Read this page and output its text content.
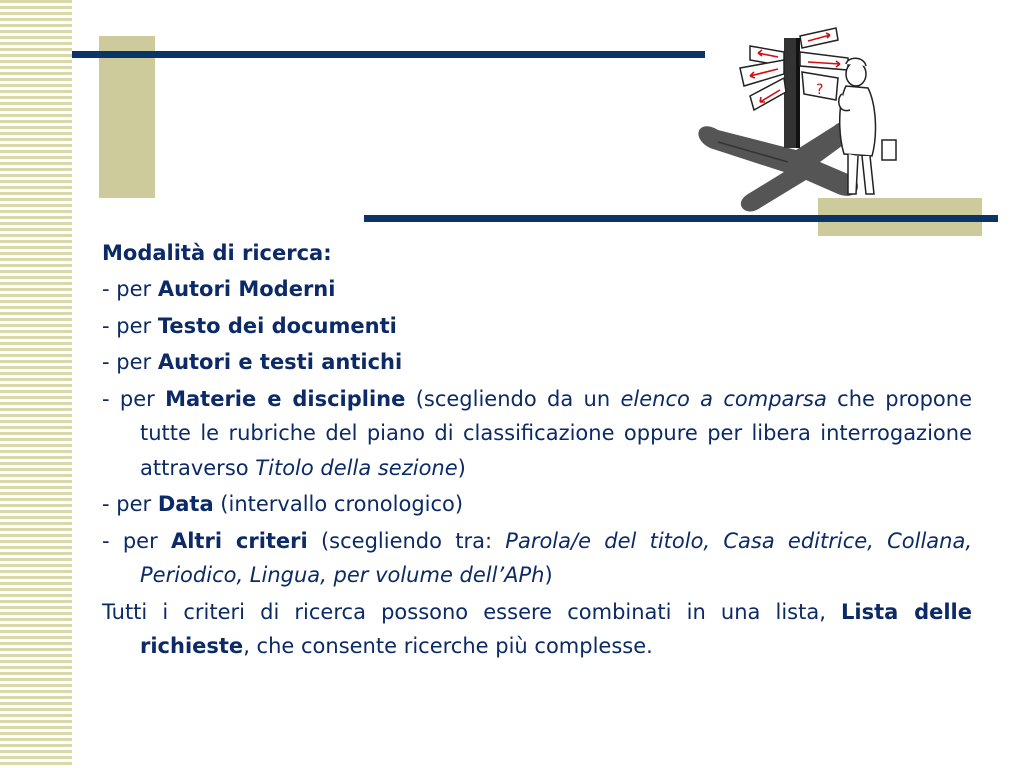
?

Modalità di ricerca:

- per Autori Moderni

- per Testo dei documenti

- per Autori e testi antichi

- per Materie e discipline (scegliendo da un elenco a comparsa che propone tutte le rubriche del piano di classificazione oppure per libera interrogazione attraverso Titolo della sezione)

- per Data (intervallo cronologico)

- per Altri criteri (scegliendo tra: Parola/e del titolo, Casa editrice, Collana, Periodico, Lingua, per volume dell’APh)

Tutti i criteri di ricerca possono essere combinati in una lista, Lista delle richieste, che consente ricerche più complesse.
